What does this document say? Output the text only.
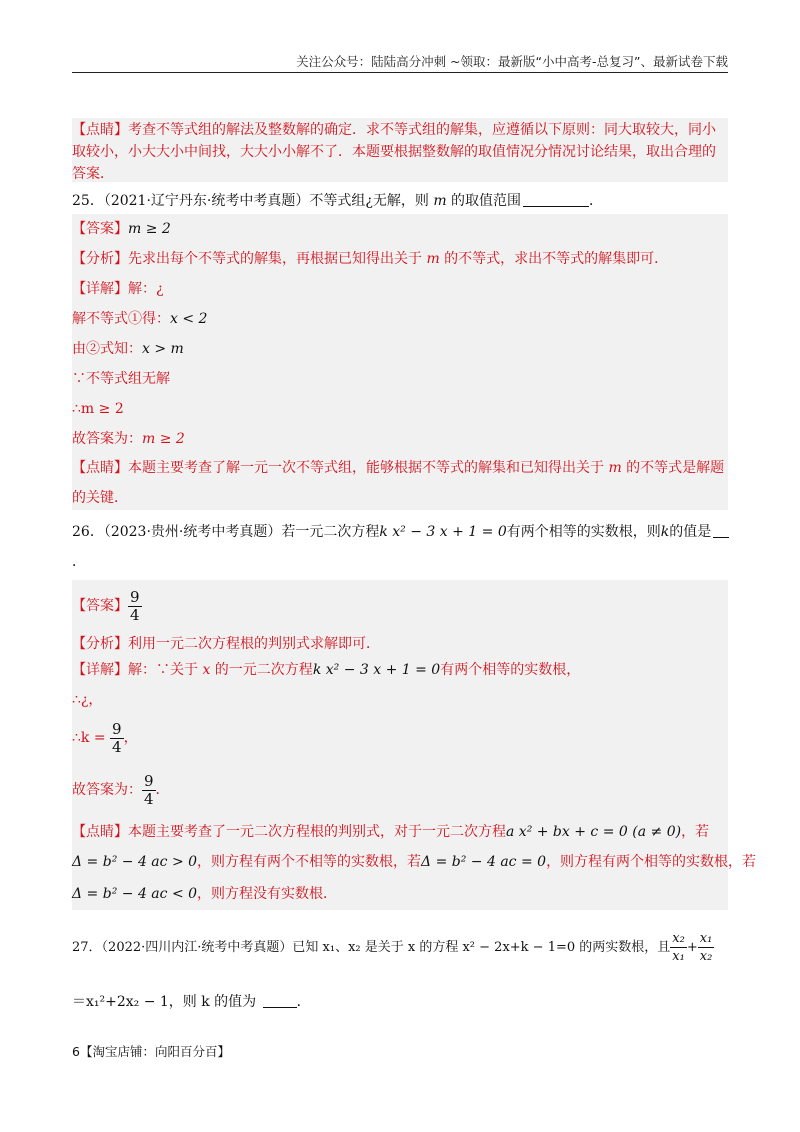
关注公众号：陆陆高分冲刺 ~领取：最新版“小中高考-总复习”、最新试卷下载
【点睛】考查不等式组的解法及整数解的确定．求不等式组的解集，应遵循以下原则：同大取较大，同小
取较小，小大大小中间找，大大小小解不了．本题要根据整数解的取值情况分情况讨论结果，取出合理的
答案．
25．（2021·辽宁丹东·统考中考真题）不等式组¿无解，则 m 的取值范围	．
【答案】m ≥ 2
【分析】先求出每个不等式的解集，再根据已知得出关于 m 的不等式，求出不等式的解集即可．
【详解】解：¿
解不等式①得：x < 2
由②式知：x > m
∵不等式组无解
∴m ≥ 2
故答案为：m ≥ 2
【点睛】本题主要考查了解一元一次不等式组，能够根据不等式的解集和已知得出关于 m 的不等式是解题
的关键．
26．（2023·贵州·统考中考真题）若一元二次方程k x² − 3 x + 1 = 0有两个相等的实数根，则k的值是
．
【答案】 $\frac{9}{4}$
【分析】利用一元二次方程根的判别式求解即可．
【详解】解：∵关于 x 的一元二次方程k x² − 3 x + 1 = 0有两个相等的实数根，
∴¿，
∴k = $\frac{9}{4}$ ，
故答案为： $\frac{9}{4}$ ．
【点睛】本题主要考查了一元二次方程根的判别式，对于一元二次方程a x² + bx + c = 0 (a ≠ 0)，若
Δ = b² − 4 ac > 0，则方程有两个不相等的实数根，若Δ = b² − 4 ac = 0，则方程有两个相等的实数根，若
Δ = b² − 4 ac < 0，则方程没有实数根．
27．（2022·四川内江·统考中考真题）已知 x₁、x₂ 是关于 x 的方程 x² − 2x+k − 1=0 的两实数根，且 $\frac{\text{x₂}}{\text{x₁}} + \frac{\text{x₁}}{\text{x₂}}$
＝x₁²+2x₂ − 1，则 k 的值为	．
6【淘宝店铺：向阳百分百】
